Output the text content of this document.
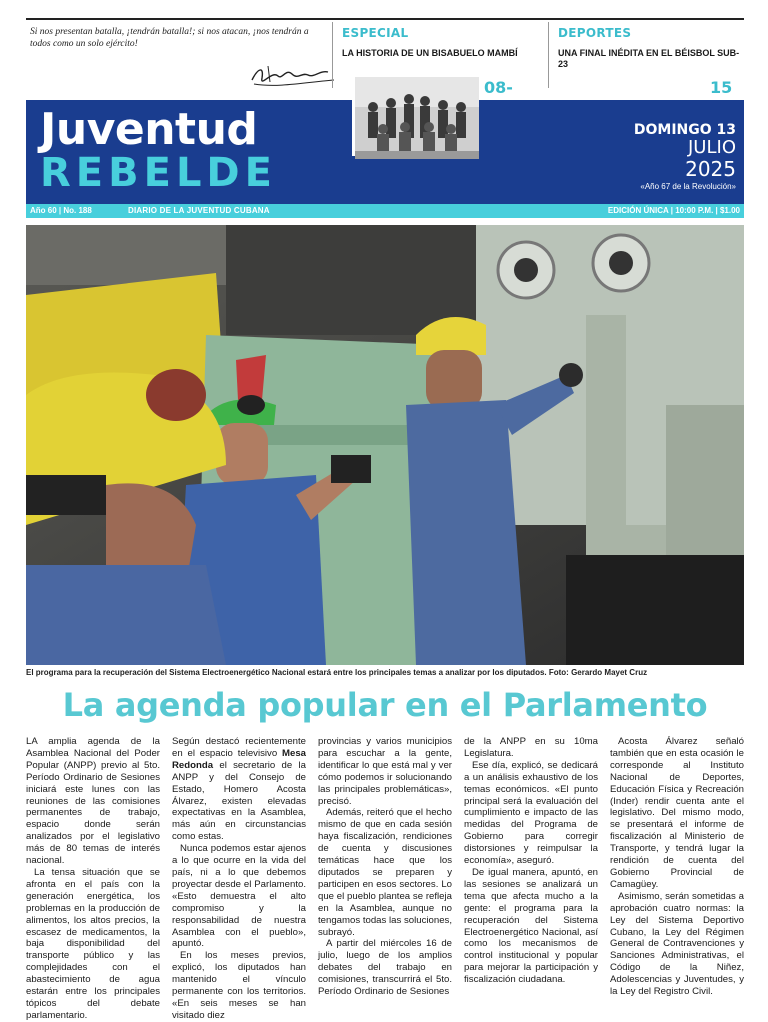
Si nos presentan batalla, ¡tendrán batalla!; si nos atacan, ¡nos tendrán a todos como un solo ejército!
ESPECIAL
LA HISTORIA DE UN BISABUELO MAMBÍ
08-
DEPORTES
UNA FINAL INÉDITA EN EL BÉISBOL SUB-23
15
Juventud
REBELDE
DOMINGO 13
JULIO
2025
«Año 67 de la Revolución»
Año 60 | No. 188	DIARIO DE LA JUVENTUD CUBANA	EDICIÓN ÚNICA | 10:00 P.M. | $1.00
El programa para la recuperación del Sistema Electroenergético Nacional estará entre los principales temas a analizar por los diputados. Foto: Gerardo Mayet Cruz
La agenda popular en el Parlamento

LA amplia agenda de la Asamblea Nacional del Poder Popular (ANPP) previo al 5to. Período Ordinario de Sesiones iniciará este lunes con las reuniones de las comisiones permanentes de trabajo, espacio donde serán analizados por el legislativo más de 80 temas de interés nacional.

La tensa situación que se afronta en el país con la generación energética, los problemas en la producción de alimentos, los altos precios, la escasez de medicamentos, la baja disponibilidad del transporte público y las complejidades con el abastecimiento de agua estarán entre los principales tópicos del debate parlamentario.

Según destacó recientemente en el espacio televisivo Mesa Redonda el secretario de la ANPP y del Consejo de Estado, Homero Acosta Álvarez, existen elevadas expectativas en la Asamblea, más aún en circunstancias como estas.

Nunca podemos estar ajenos a lo que ocurre en la vida del país, ni a lo que debemos proyectar desde el Parlamento. «Esto demuestra el alto compromiso y la responsabilidad de nuestra Asamblea con el pueblo», apuntó.

En los meses previos, explicó, los diputados han mantenido el vínculo permanente con los territorios. «En seis meses se han visitado diez

provincias y varios municipios para escuchar a la gente, identificar lo que está mal y ver cómo podemos ir solucionando las principales problemáticas», precisó.

Además, reiteró que el hecho mismo de que en cada sesión haya fiscalización, rendiciones de cuenta y discusiones temáticas hace que los diputados se preparen y participen en esos sectores. Lo que el pueblo plantea se refleja en la Asamblea, aunque no tengamos todas las soluciones, subrayó.

A partir del miércoles 16 de julio, luego de los amplios debates del trabajo en comisiones, transcurrirá el 5to. Período Ordinario de Sesiones

de la ANPP en su 10ma Legislatura.

Ese día, explicó, se dedicará a un análisis exhaustivo de los temas económicos. «El punto principal será la evaluación del cumplimiento e impacto de las medidas del Programa de Gobierno para corregir distorsiones y reimpulsar la economía», aseguró.

De igual manera, apuntó, en las sesiones se analizará un tema que afecta mucho a la gente: el programa para la recuperación del Sistema Electroenergético Nacional, así como los mecanismos de control institucional y popular para mejorar la participación y fiscalización ciudadana.

Acosta Álvarez señaló también que en esta ocasión le corresponde al Instituto Nacional de Deportes, Educación Física y Recreación (Inder) rendir cuenta ante el legislativo. Del mismo modo, se presentará el informe de fiscalización al Ministerio de Transporte, y tendrá lugar la rendición de cuenta del Gobierno Provincial de Camagüey.

Asimismo, serán sometidas a aprobación cuatro normas: la Ley del Sistema Deportivo Cubano, la Ley del Régimen General de Contravenciones y Sanciones Administrativas, el Código de la Niñez, Adolescencias y Juventudes, y la Ley del Registro Civil.
